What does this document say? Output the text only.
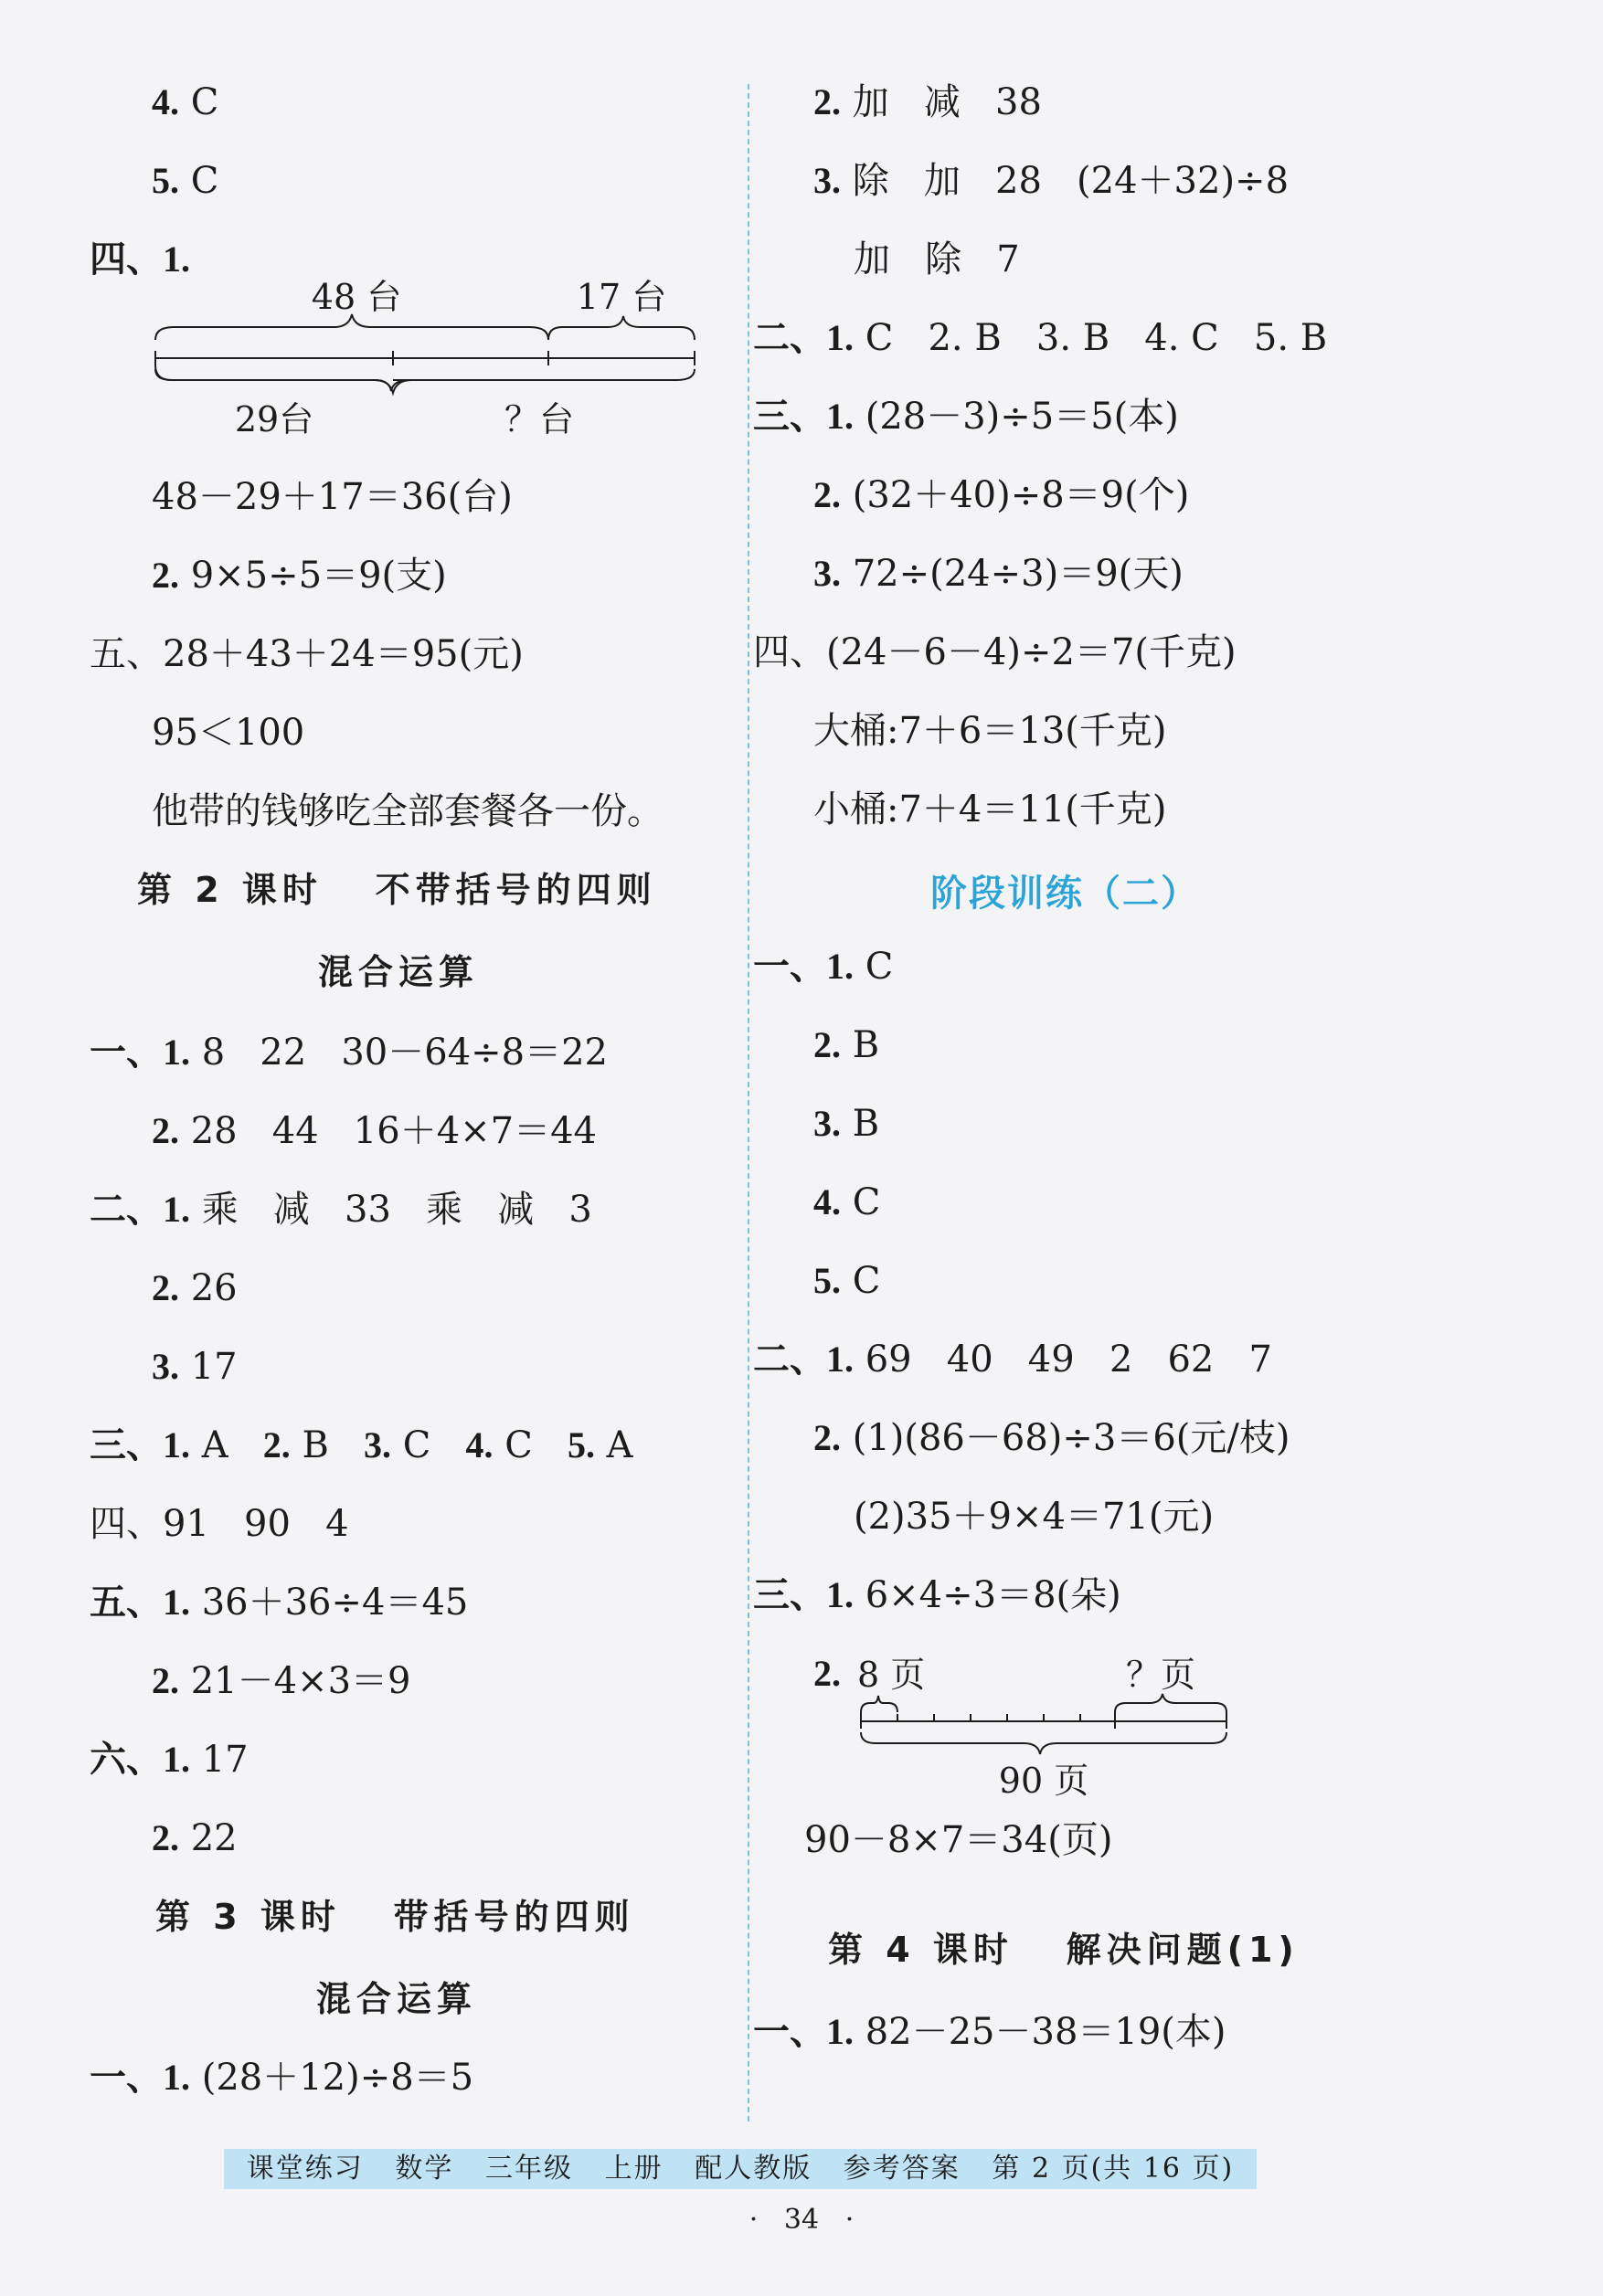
4. C
5. C
四、1.
48 台	17 台
29台	？台
48－29＋17＝36(台)
2. 9×5÷5＝9(支)
五、28＋43＋24＝95(元)
95＜100
他带的钱够吃全部套餐各一份。
第 2 课时   不带括号的四则
混合运算
一、1. 8   22   30－64÷8＝22
2. 28   44   16＋4×7＝44
二、1. 乘   减   33   乘   减   3
2. 26
3. 17
三、1. A   2. B   3. C   4. C   5. A
四、91   90   4
五、1. 36＋36÷4＝45
2. 21－4×3＝9
六、1. 17
2. 22
第 3 课时   带括号的四则
混合运算
一、1. (28＋12)÷8＝5
2. 加   减   38
3. 除   加   28   (24＋32)÷8
加   除   7
二、1. C   2. B   3. B   4. C   5. B
三、1. (28－3)÷5＝5(本)
2. (32＋40)÷8＝9(个)
3. 72÷(24÷3)＝9(天)
四、(24－6－4)÷2＝7(千克)
大桶:7＋6＝13(千克)
小桶:7＋4＝11(千克)
阶段训练（二）
一、1. C
2. B
3. B
4. C
5. C
二、1. 69   40   49   2   62   7
2. (1)(86－68)÷3＝6(元/枝)
(2)35＋9×4＝71(元)
三、1. 6×4÷3＝8(朵)
2. 8 页	？页
90 页
90－8×7＝34(页)
第 4 课时   解决问题(1)
一、1. 82－25－38＝19(本)
课堂练习   数学   三年级   上册   配人教版   参考答案   第 2 页(共 16 页)
·   34   ·
